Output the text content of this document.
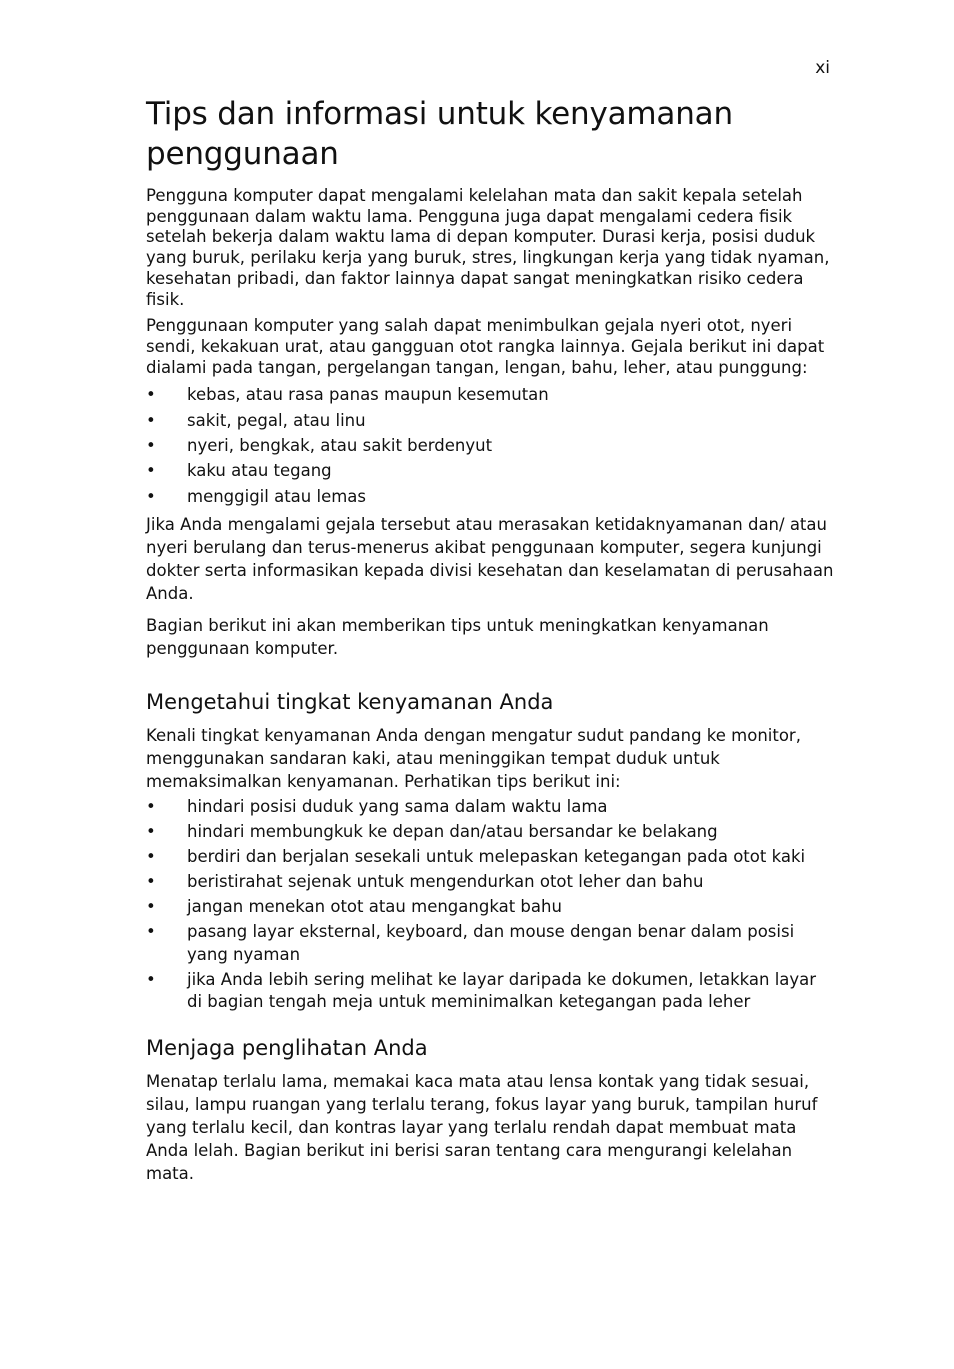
xi
Tips dan informasi untuk kenyamanan penggunaan

Pengguna komputer dapat mengalami kelelahan mata dan sakit kepala setelah penggunaan dalam waktu lama. Pengguna juga dapat mengalami cedera fisik setelah bekerja dalam waktu lama di depan komputer. Durasi kerja, posisi duduk yang buruk, perilaku kerja yang buruk, stres, lingkungan kerja yang tidak nyaman, kesehatan pribadi, dan faktor lainnya dapat sangat meningkatkan risiko cedera fisik.

Penggunaan komputer yang salah dapat menimbulkan gejala nyeri otot, nyeri sendi, kekakuan urat, atau gangguan otot rangka lainnya. Gejala berikut ini dapat dialami pada tangan, pergelangan tangan, lengan, bahu, leher, atau punggung:

• kebas, atau rasa panas maupun kesemutan
• sakit, pegal, atau linu
• nyeri, bengkak, atau sakit berdenyut
• kaku atau tegang
• menggigil atau lemas

Jika Anda mengalami gejala tersebut atau merasakan ketidaknyamanan dan/ atau nyeri berulang dan terus-menerus akibat penggunaan komputer, segera kunjungi dokter serta informasikan kepada divisi kesehatan dan keselamatan di perusahaan Anda.

Bagian berikut ini akan memberikan tips untuk meningkatkan kenyamanan penggunaan komputer.

Mengetahui tingkat kenyamanan Anda

Kenali tingkat kenyamanan Anda dengan mengatur sudut pandang ke monitor, menggunakan sandaran kaki, atau meninggikan tempat duduk untuk memaksimalkan kenyamanan. Perhatikan tips berikut ini:

• hindari posisi duduk yang sama dalam waktu lama
• hindari membungkuk ke depan dan/atau bersandar ke belakang
• berdiri dan berjalan sesekali untuk melepaskan ketegangan pada otot kaki
• beristirahat sejenak untuk mengendurkan otot leher dan bahu
• jangan menekan otot atau mengangkat bahu
• pasang layar eksternal, keyboard, dan mouse dengan benar dalam posisi yang nyaman
• jika Anda lebih sering melihat ke layar daripada ke dokumen, letakkan layar di bagian tengah meja untuk meminimalkan ketegangan pada leher
Menjaga penglihatan Anda

Menatap terlalu lama, memakai kaca mata atau lensa kontak yang tidak sesuai, silau, lampu ruangan yang terlalu terang, fokus layar yang buruk, tampilan huruf yang terlalu kecil, dan kontras layar yang terlalu rendah dapat membuat mata Anda lelah. Bagian berikut ini berisi saran tentang cara mengurangi kelelahan mata.
